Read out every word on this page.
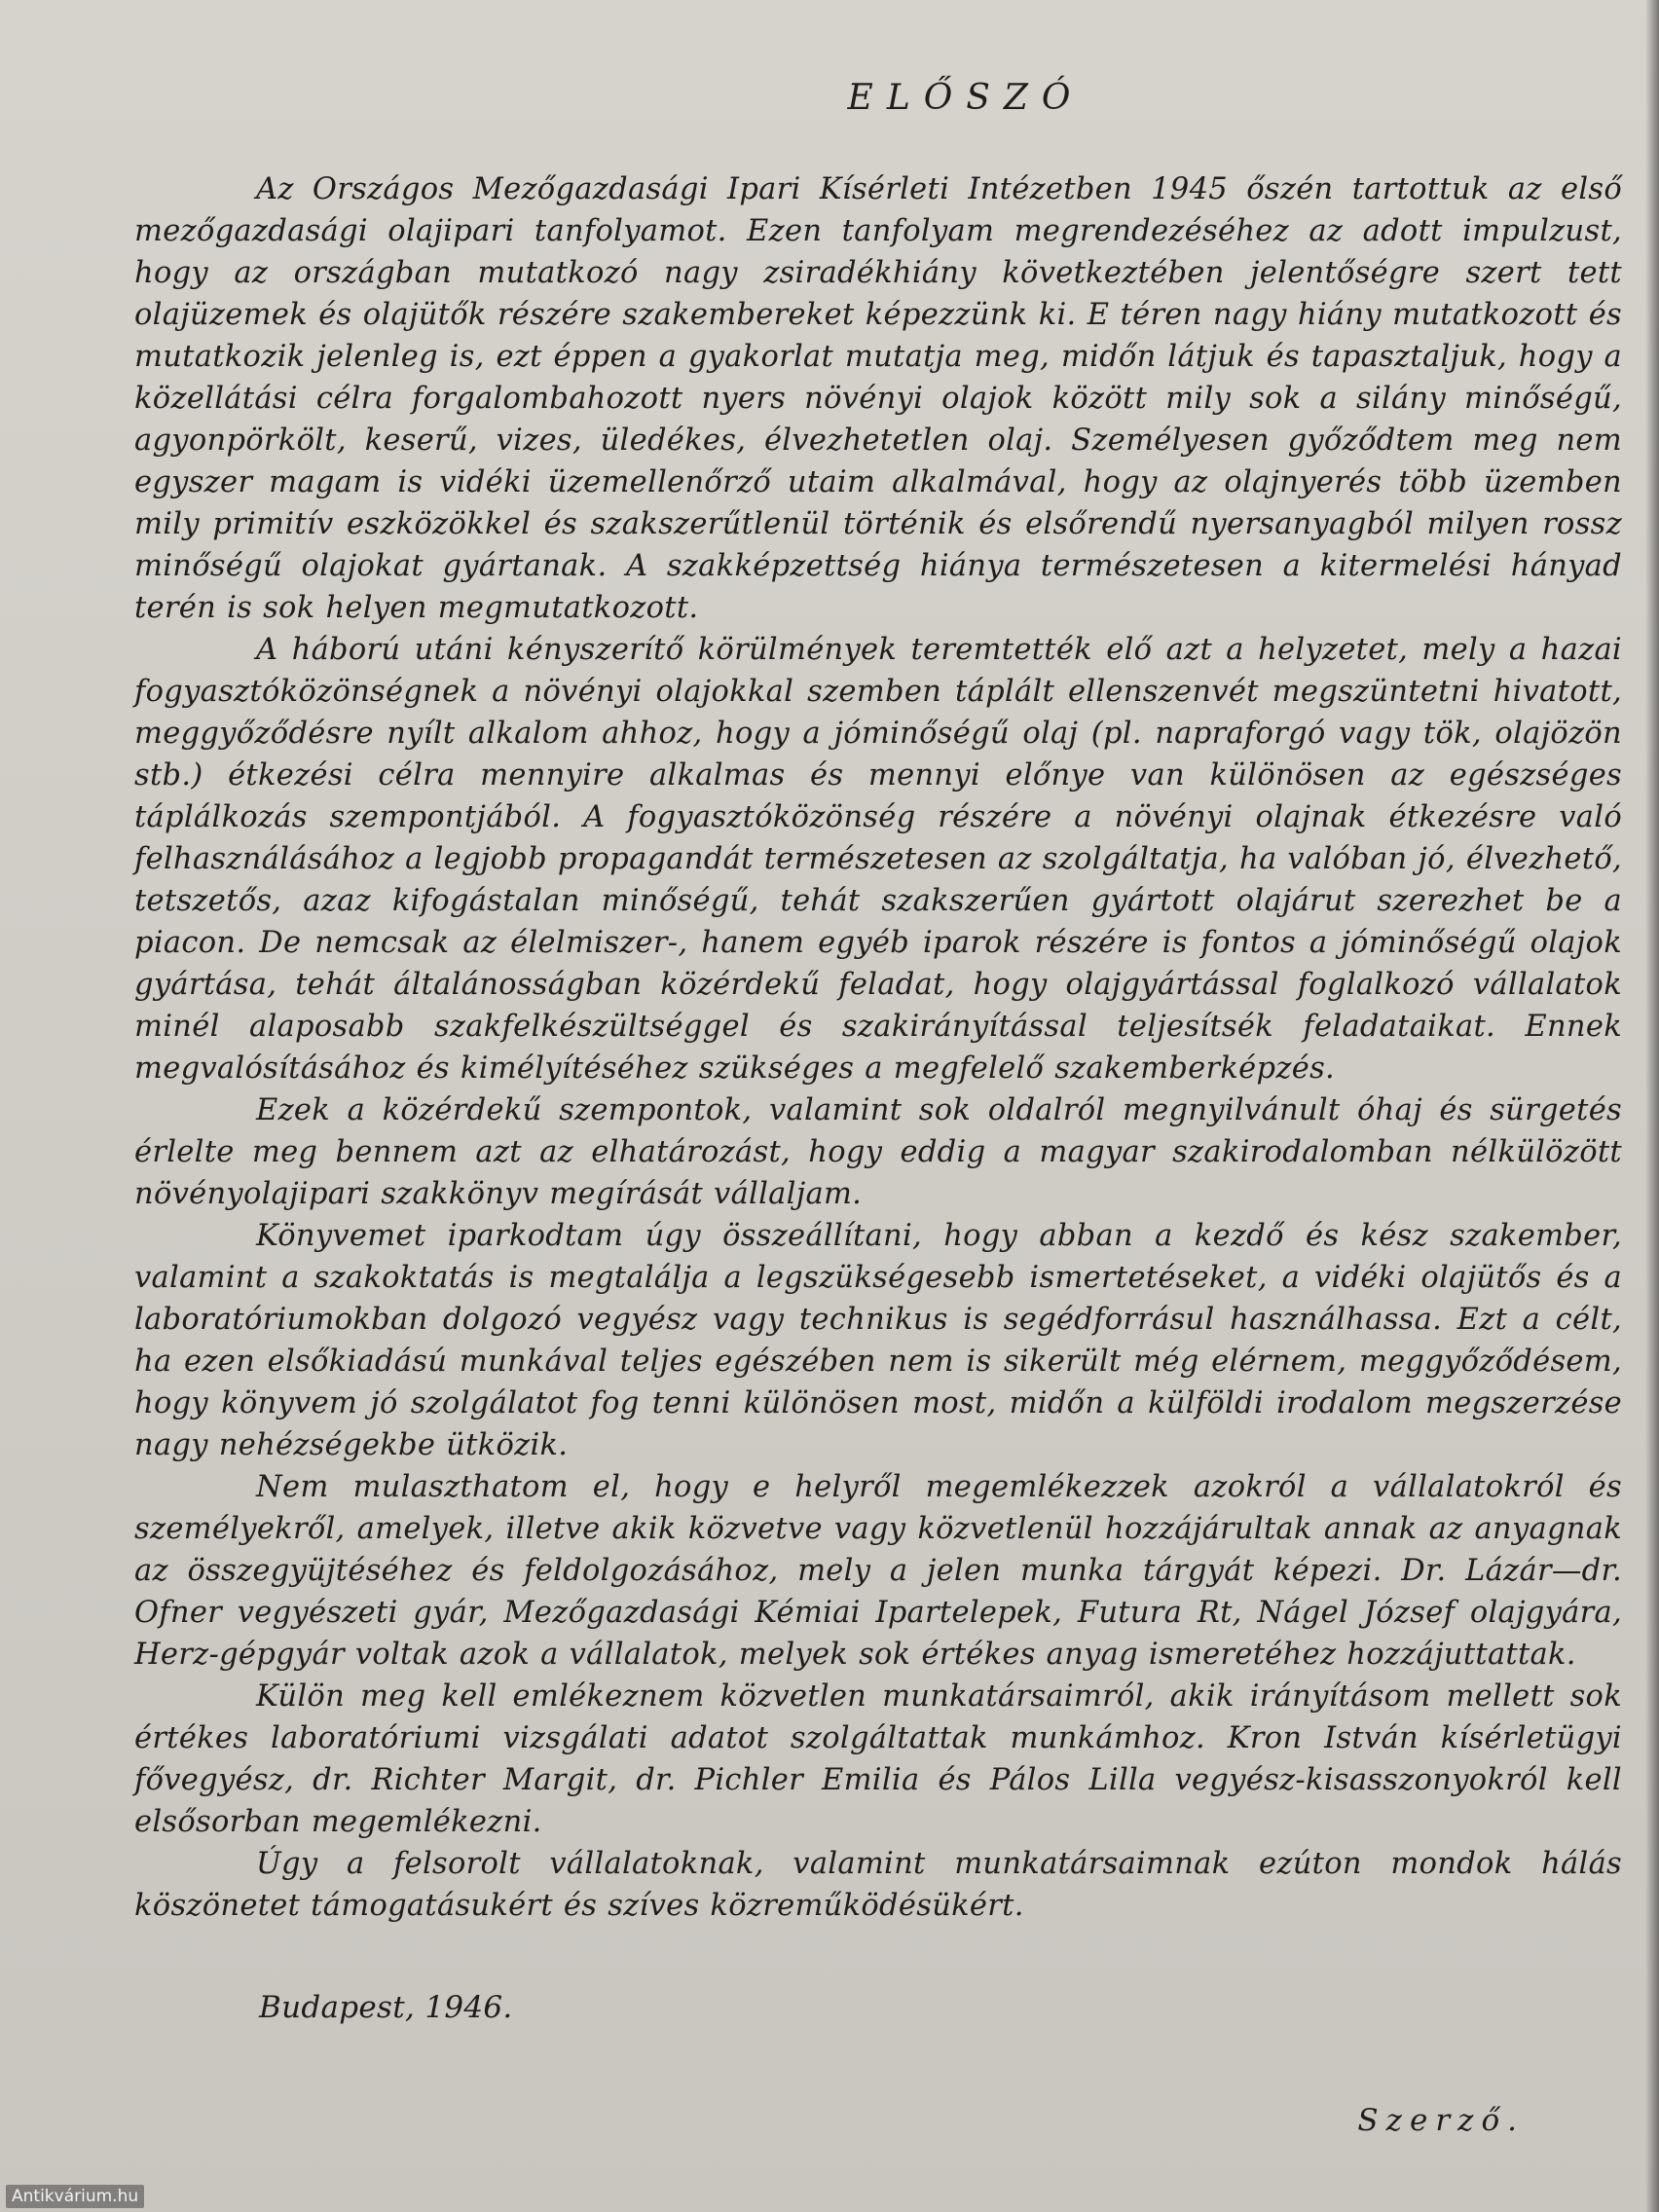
ELŐSZÓ

Az Országos Mezőgazdasági Ipari Kísérleti Intézetben 1945 őszén tartottuk az első mezőgazdasági olajipari tanfolyamot. Ezen tanfolyam megrendezéséhez az adott impulzust, hogy az országban mutatkozó nagy zsiradékhiány következtében jelentőségre szert tett olajüzemek és olajütők részére szakembereket képezzünk ki. E téren nagy hiány mutatkozott és mutatkozik jelenleg is, ezt éppen a gyakorlat mutatja meg, midőn látjuk és tapasztaljuk, hogy a közellátási célra forgalombahozott nyers növényi olajok között mily sok a silány minőségű, agyonpörkölt, keserű, vizes, üledékes, élvezhetetlen olaj. Személyesen győződtem meg nem egyszer magam is vidéki üzemellenőrző utaim alkalmával, hogy az olajnyerés több üzemben mily primitív eszközökkel és szakszerűtlenül történik és elsőrendű nyersanyagból milyen rossz minőségű olajokat gyártanak. A szakképzettség hiánya természetesen a kitermelési hányad terén is sok helyen megmutatkozott.

A háború utáni kényszerítő körülmények teremtették elő azt a helyzetet, mely a hazai fogyasztóközönségnek a növényi olajokkal szemben táplált ellenszenvét megszüntetni hivatott, meggyőződésre nyílt alkalom ahhoz, hogy a jóminőségű olaj (pl. napraforgó vagy tök, olajözön stb.) étkezési célra mennyire alkalmas és mennyi előnye van különösen az egészséges táplálkozás szempontjából. A fogyasztóközönség részére a növényi olajnak étkezésre való felhasználásához a legjobb propagandát természetesen az szolgáltatja, ha valóban jó, élvezhető, tetszetős, azaz kifogástalan minőségű, tehát szakszerűen gyártott olajárut szerezhet be a piacon. De nemcsak az élelmiszer-, hanem egyéb iparok részére is fontos a jóminőségű olajok gyártása, tehát általánosságban közérdekű feladat, hogy olajgyártással foglalkozó vállalatok minél alaposabb szakfelkészültséggel és szakirányítással teljesítsék feladataikat. Ennek megvalósításához és kimélyítéséhez szükséges a megfelelő szakemberképzés.

Ezek a közérdekű szempontok, valamint sok oldalról megnyilvánult óhaj és sürgetés érlelte meg bennem azt az elhatározást, hogy eddig a magyar szakirodalomban nélkülözött növényolajipari szakkönyv megírását vállaljam.

Könyvemet iparkodtam úgy összeállítani, hogy abban a kezdő és kész szakember, valamint a szakoktatás is megtalálja a legszükségesebb ismertetéseket, a vidéki olajütős és a laboratóriumokban dolgozó vegyész vagy technikus is segédforrásul használhassa. Ezt a célt, ha ezen elsőkiadású munkával teljes egészében nem is sikerült még elérnem, meggyőződésem, hogy könyvem jó szolgálatot fog tenni különösen most, midőn a külföldi irodalom megszerzése nagy nehézségekbe ütközik.

Nem mulaszthatom el, hogy e helyről megemlékezzek azokról a vállalatokról és személyekről, amelyek, illetve akik közvetve vagy közvetlenül hozzájárultak annak az anyagnak az összegyüjtéséhez és feldolgozásához, mely a jelen munka tárgyát képezi. Dr. Lázár—dr. Ofner vegyészeti gyár, Mezőgazdasági Kémiai Ipartelepek, Futura Rt, Nágel József olajgyára, Herz-gépgyár voltak azok a vállalatok, melyek sok értékes anyag ismeretéhez hozzájuttattak.

Külön meg kell emlékeznem közvetlen munkatársaimról, akik irányításom mellett sok értékes laboratóriumi vizsgálati adatot szolgáltattak munkámhoz. Kron István kísérletügyi fővegyész, dr. Richter Margit, dr. Pichler Emilia és Pálos Lilla vegyész-kisasszonyokról kell elsősorban megemlékezni.

Úgy a felsorolt vállalatoknak, valamint munkatársaimnak ezúton mondok hálás köszönetet támogatásukért és szíves közreműködésükért.

Budapest, 1946.
Szerző.
Antikvárium.hu
